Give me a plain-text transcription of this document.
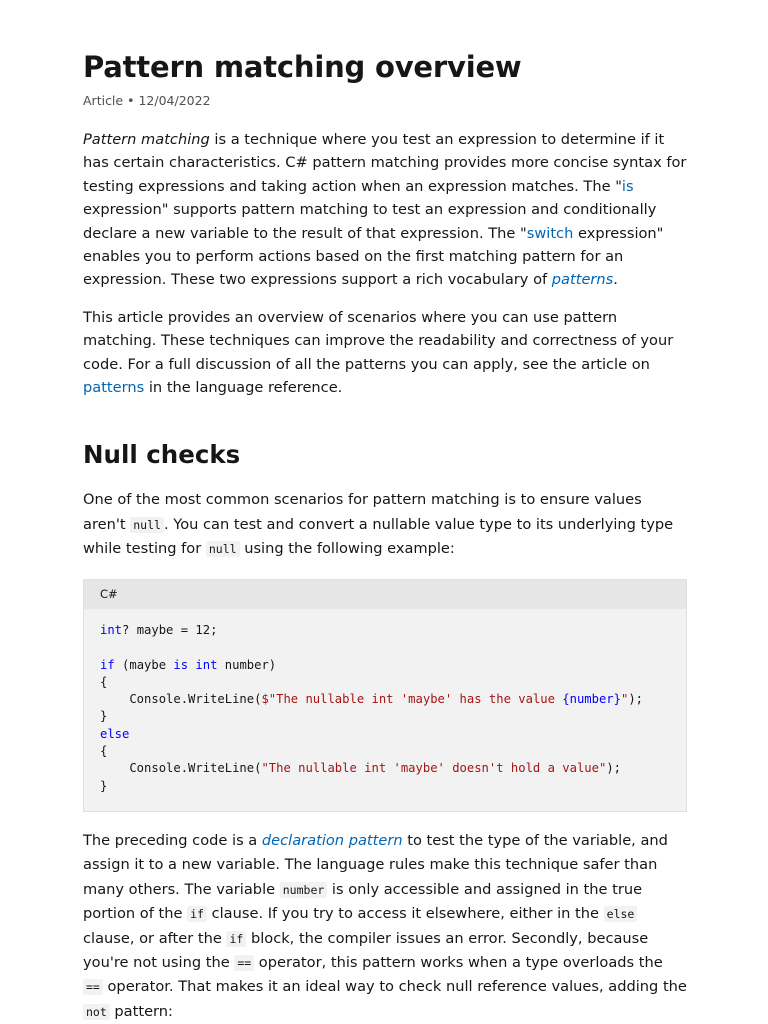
Pattern matching overview
Article • 12/04/2022

Pattern matching is a technique where you test an expression to determine if it has certain characteristics. C# pattern matching provides more concise syntax for testing expressions and taking action when an expression matches. The "is expression" supports pattern matching to test an expression and conditionally declare a new variable to the result of that expression. The "switch expression" enables you to perform actions based on the first matching pattern for an expression. These two expressions support a rich vocabulary of patterns.

This article provides an overview of scenarios where you can use pattern matching. These techniques can improve the readability and correctness of your code. For a full discussion of all the patterns you can apply, see the article on patterns in the language reference.

Null checks

One of the most common scenarios for pattern matching is to ensure values aren't null . You can test and convert a nullable value type to its underlying type while testing for null using the following example:

C#
int? maybe = 12;

if (maybe is int number)
{
Console.WriteLine($"The nullable int 'maybe' has the value {number}");
}
else
{
Console.WriteLine("The nullable int 'maybe' doesn't hold a value");
}

The preceding code is a declaration pattern to test the type of the variable, and assign it to a new variable. The language rules make this technique safer than many others. The variable number is only accessible and assigned in the true portion of the if clause. If you try to access it elsewhere, either in the else clause, or after the if block, the compiler issues an error. Secondly, because you're not using the == operator, this pattern works when a type overloads the == operator. That makes it an ideal way to check null reference values, adding the not pattern:
